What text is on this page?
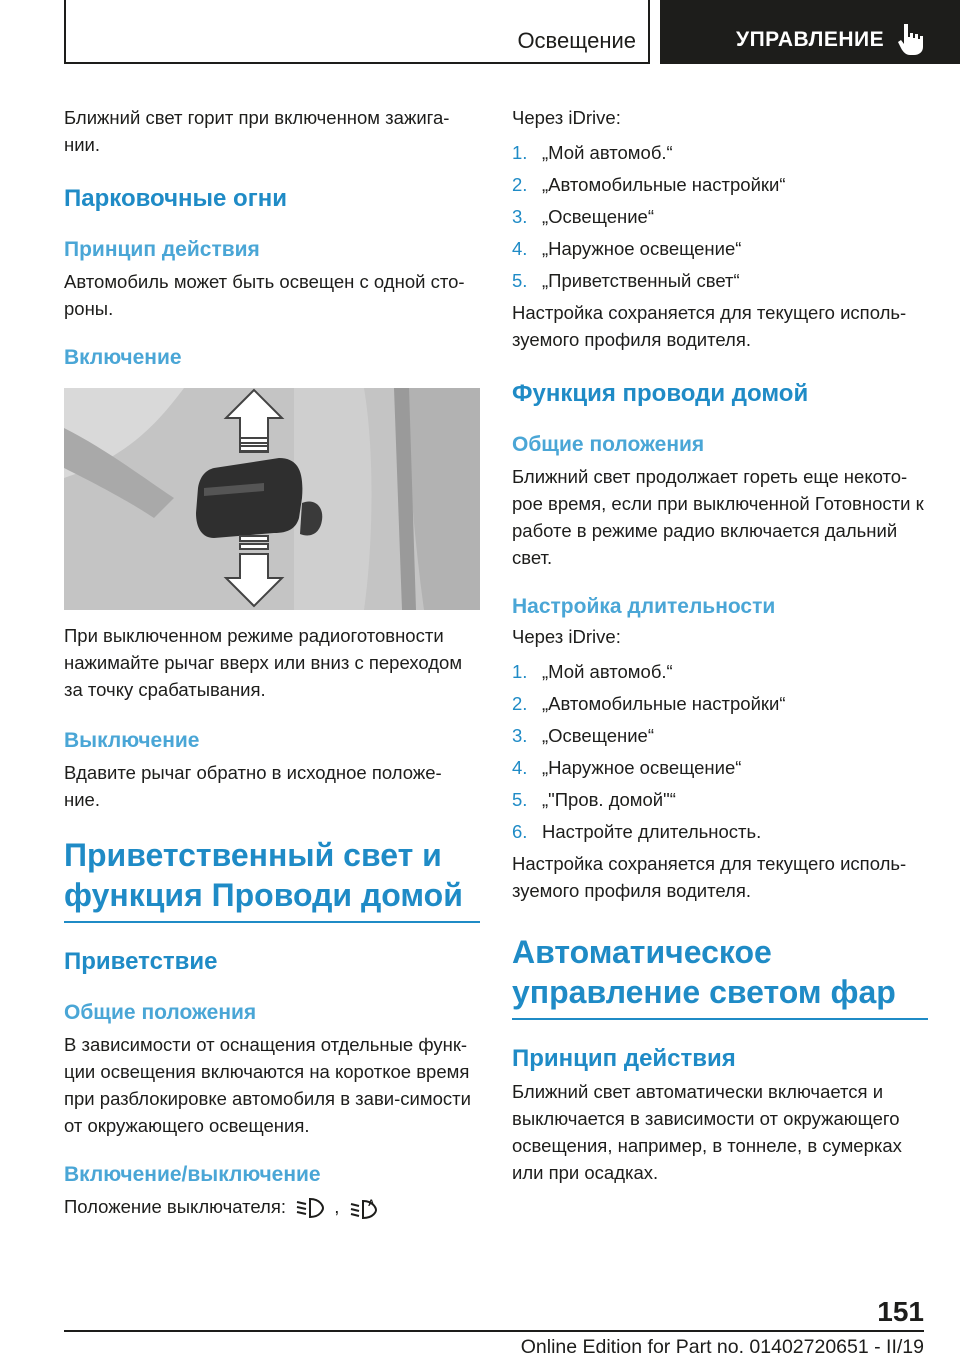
Освещение	УПРАВЛЕНИЕ

Ближний свет горит при включенном зажига-нии.

Парковочные огни
Принцип действия

Автомобиль может быть освещен с одной сто-роны.

Включение

При выключенном режиме радиоготовности нажимайте рычаг вверх или вниз с переходом за точку срабатывания.

Выключение

Вдавите рычаг обратно в исходное положе-ние.

Приветственный свет и функция Проводи домой
Приветствие
Общие положения

В зависимости от оснащения отдельные функ-ции освещения включаются на короткое время при разблокировке автомобиля в зави-симости от окружающего освещения.

Включение/выключение

Положение выключателя:	,	A

Через iDrive:

1. „Мой автомоб.“
2. „Автомобильные настройки“
3. „Освещение“
4. „Наружное освещение“
5. „Приветственный свет“

Настройка сохраняется для текущего исполь-зуемого профиля водителя.

Функция проводи домой
Общие положения

Ближний свет продолжает гореть еще некото-рое время, если при выключенной Готовности к работе в режиме радио включается дальний свет.

Настройка длительности

Через iDrive:

1. „Мой автомоб.“
2. „Автомобильные настройки“
3. „Освещение“
4. „Наружное освещение“
5. „"Пров. домой"“
6. Настройте длительность.

Настройка сохраняется для текущего исполь-зуемого профиля водителя.

Автоматическое управление светом фар
Принцип действия

Ближний свет автоматически включается и выключается в зависимости от окружающего освещения, например, в тоннеле, в сумерках или при осадках.

151
Online Edition for Part no. 01402720651 - II/19
